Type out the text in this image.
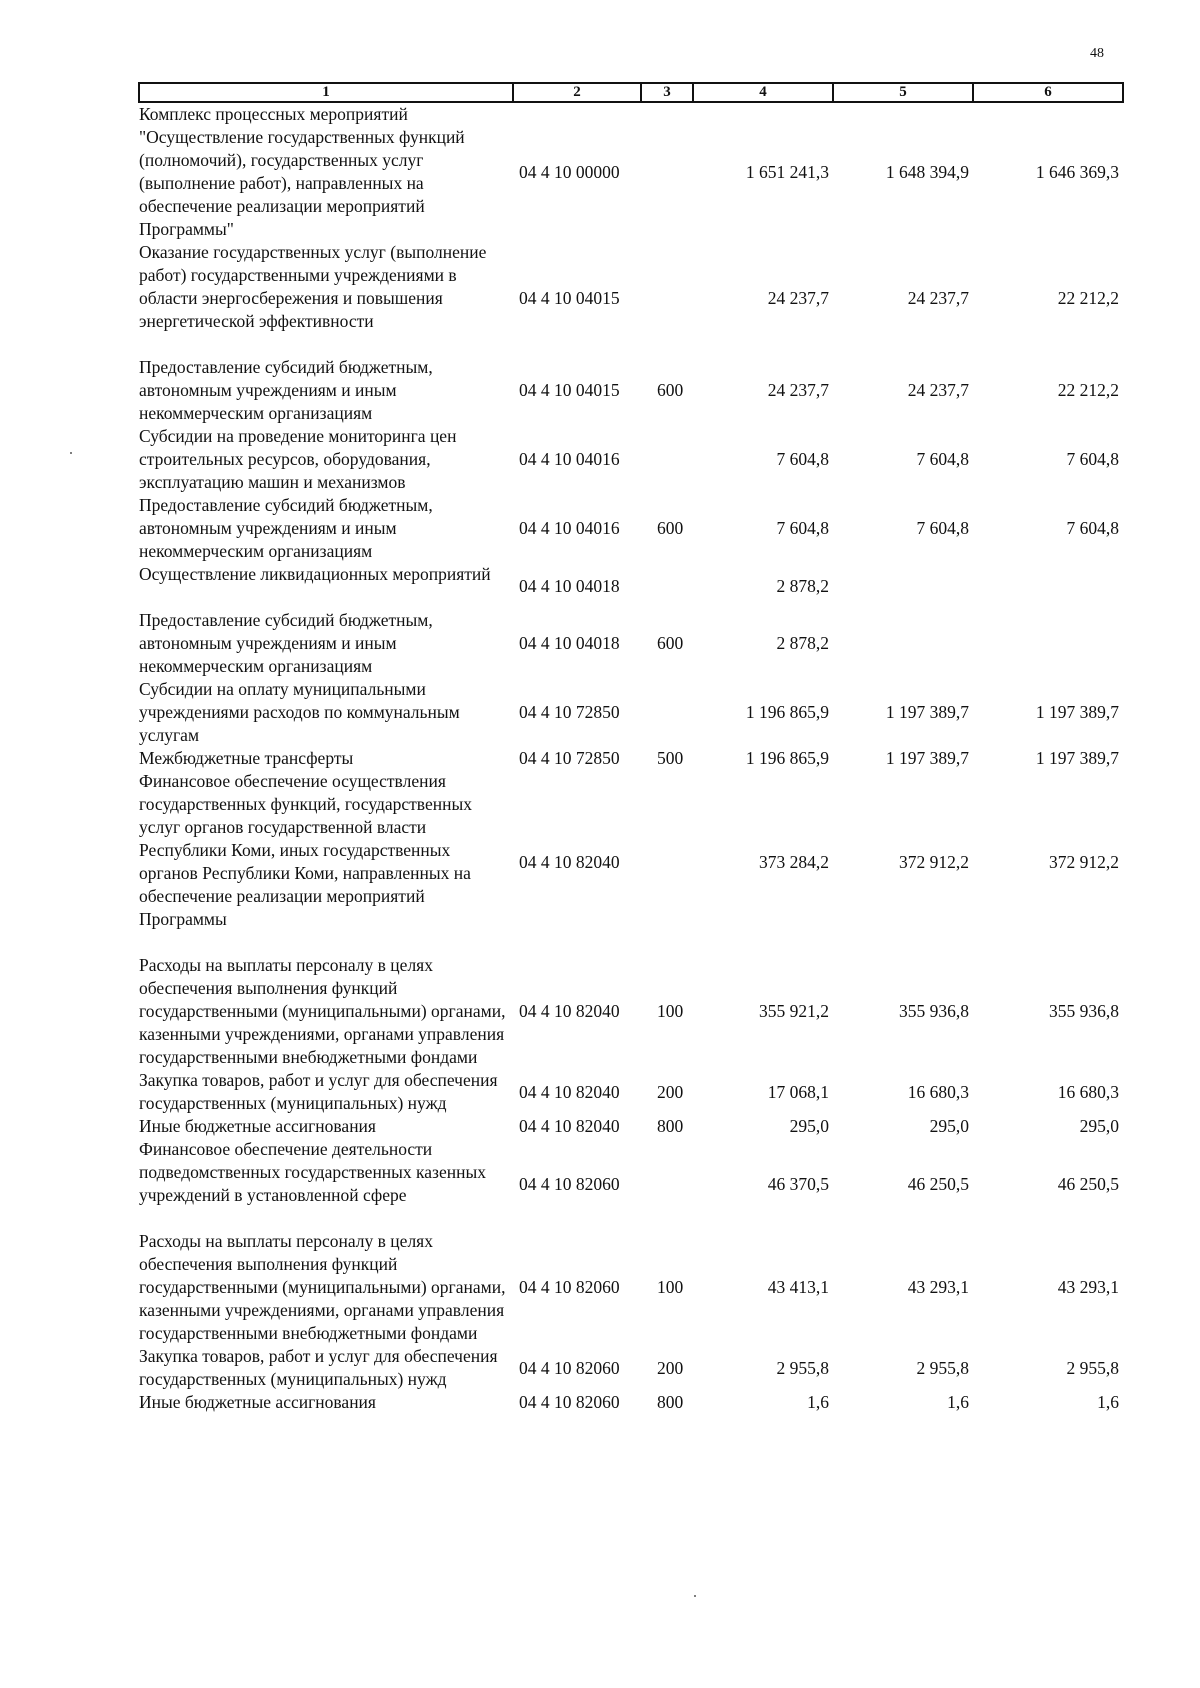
48
1	2	3	4	5	6
Комплекс процессных мероприятий "Осуществление государственных функций (полномочий), государственных услуг (выполнение работ), направленных на обеспечение реализации мероприятий Программы"	04 4 10 00000		1 651 241,3	1 648 394,9	1 646 369,3
Оказание государственных услуг (выполнение работ) государственными учреждениями в области энергосбережения и повышения энергетической эффективности	04 4 10 04015		24 237,7	24 237,7	22 212,2
Предоставление субсидий бюджетным, автономным учреждениям и иным некоммерческим организациям	04 4 10 04015	600	24 237,7	24 237,7	22 212,2
Субсидии на проведение мониторинга цен строительных ресурсов, оборудования, эксплуатацию машин и механизмов	04 4 10 04016		7 604,8	7 604,8	7 604,8
Предоставление субсидий бюджетным, автономным учреждениям и иным некоммерческим организациям	04 4 10 04016	600	7 604,8	7 604,8	7 604,8
Осуществление ликвидационных мероприятий	04 4 10 04018		2 878,2		
Предоставление субсидий бюджетным, автономным учреждениям и иным некоммерческим организациям	04 4 10 04018	600	2 878,2		
Субсидии на оплату муниципальными учреждениями расходов по коммунальным услугам	04 4 10 72850		1 196 865,9	1 197 389,7	1 197 389,7
Межбюджетные трансферты	04 4 10 72850	500	1 196 865,9	1 197 389,7	1 197 389,7
Финансовое обеспечение осуществления государственных функций, государственных услуг органов государственной власти Республики Коми, иных государственных органов Республики Коми, направленных на обеспечение реализации мероприятий Программы	04 4 10 82040		373 284,2	372 912,2	372 912,2
Расходы на выплаты персоналу в целях обеспечения выполнения функций государственными (муниципальными) органами, казенными учреждениями, органами управления государственными внебюджетными фондами	04 4 10 82040	100	355 921,2	355 936,8	355 936,8
Закупка товаров, работ и услуг для обеспечения государственных (муниципальных) нужд	04 4 10 82040	200	17 068,1	16 680,3	16 680,3
Иные бюджетные ассигнования	04 4 10 82040	800	295,0	295,0	295,0
Финансовое обеспечение деятельности подведомственных государственных казенных учреждений в установленной сфере	04 4 10 82060		46 370,5	46 250,5	46 250,5
Расходы на выплаты персоналу в целях обеспечения выполнения функций государственными (муниципальными) органами, казенными учреждениями, органами управления государственными внебюджетными фондами	04 4 10 82060	100	43 413,1	43 293,1	43 293,1
Закупка товаров, работ и услуг для обеспечения государственных (муниципальных) нужд	04 4 10 82060	200	2 955,8	2 955,8	2 955,8
Иные бюджетные ассигнования	04 4 10 82060	800	1,6	1,6	1,6
